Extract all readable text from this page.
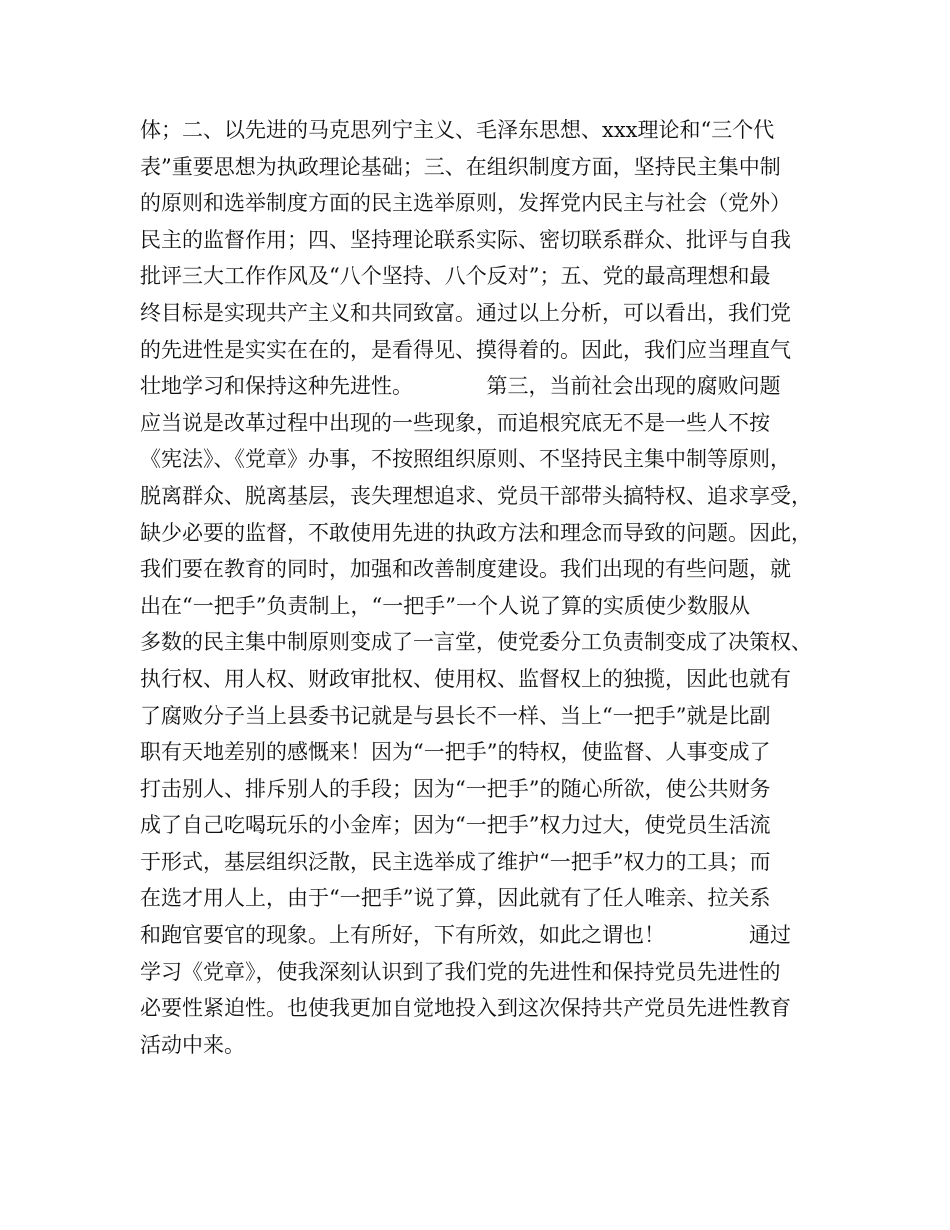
体；二、以先进的马克思列宁主义、毛泽东思想、xxx理论和“三个代
表”重要思想为执政理论基础；三、在组织制度方面，坚持民主集中制
的原则和选举制度方面的民主选举原则，发挥党内民主与社会（党外）
民主的监督作用；四、坚持理论联系实际、密切联系群众、批评与自我
批评三大工作作风及“八个坚持、八个反对”；五、党的最高理想和最
终目标是实现共产主义和共同致富。通过以上分析，可以看出，我们党
的先进性是实实在在的，是看得见、摸得着的。因此，我们应当理直气
壮地学习和保持这种先进性。　　　　第三，当前社会出现的腐败问题
应当说是改革过程中出现的一些现象，而追根究底无不是一些人不按
《宪法》、《党章》办事，不按照组织原则、不坚持民主集中制等原则，
脱离群众、脱离基层，丧失理想追求、党员干部带头搞特权、追求享受，
缺少必要的监督，不敢使用先进的执政方法和理念而导致的问题。因此，
我们要在教育的同时，加强和改善制度建设。我们出现的有些问题，就
出在“一把手”负责制上，“一把手”一个人说了算的实质使少数服从
多数的民主集中制原则变成了一言堂，使党委分工负责制变成了决策权、
执行权、用人权、财政审批权、使用权、监督权上的独揽，因此也就有
了腐败分子当上县委书记就是与县长不一样、当上“一把手”就是比副
职有天地差别的感慨来！因为“一把手”的特权，使监督、人事变成了
打击别人、排斥别人的手段；因为“一把手”的随心所欲，使公共财务
成了自己吃喝玩乐的小金库；因为“一把手”权力过大，使党员生活流
于形式，基层组织泛散，民主选举成了维护“一把手”权力的工具；而
在选才用人上，由于“一把手”说了算，因此就有了任人唯亲、拉关系
和跑官要官的现象。上有所好，下有所效，如此之谓也！　　　　通过
学习《党章》，使我深刻认识到了我们党的先进性和保持党员先进性的
必要性紧迫性。也使我更加自觉地投入到这次保持共产党员先进性教育
活动中来。
